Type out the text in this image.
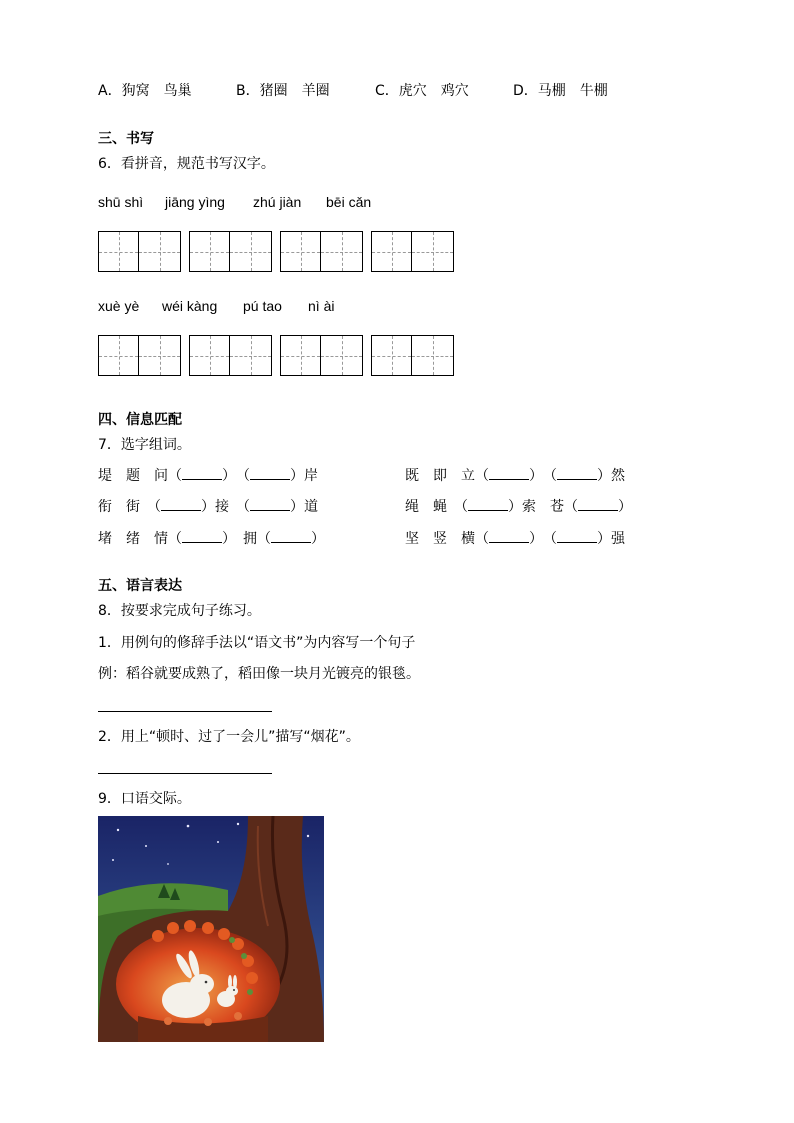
A．狗窝　鸟巢	B．猪圈　羊圈	C．虎穴　鸡穴	D．马棚　牛棚
三、书写
6．看拼音，规范书写汉字。
shū shì jiāng yìng zhú jiàn bēi cǎn
xuè yè wéi kàng pú tao nì ài
四、信息匹配
7．选字组词。
堤　题　问（	）　 （	）岸	既　即　立（	）　 （	）然
衔　街　 （	）接　 （	）道	绳　蝇　 （	）索　 苍（	）
堵　绪　情（	）　 拥（	）	坚　竖　横（	）　 （	）强
五、语言表达
8．按要求完成句子练习。
1．用例句的修辞手法以“语文书”为内容写一个句子
例：稻谷就要成熟了，稻田像一块月光镀亮的银毯。
2．用上“顿时、过了一会儿”描写“烟花”。
9．口语交际。
